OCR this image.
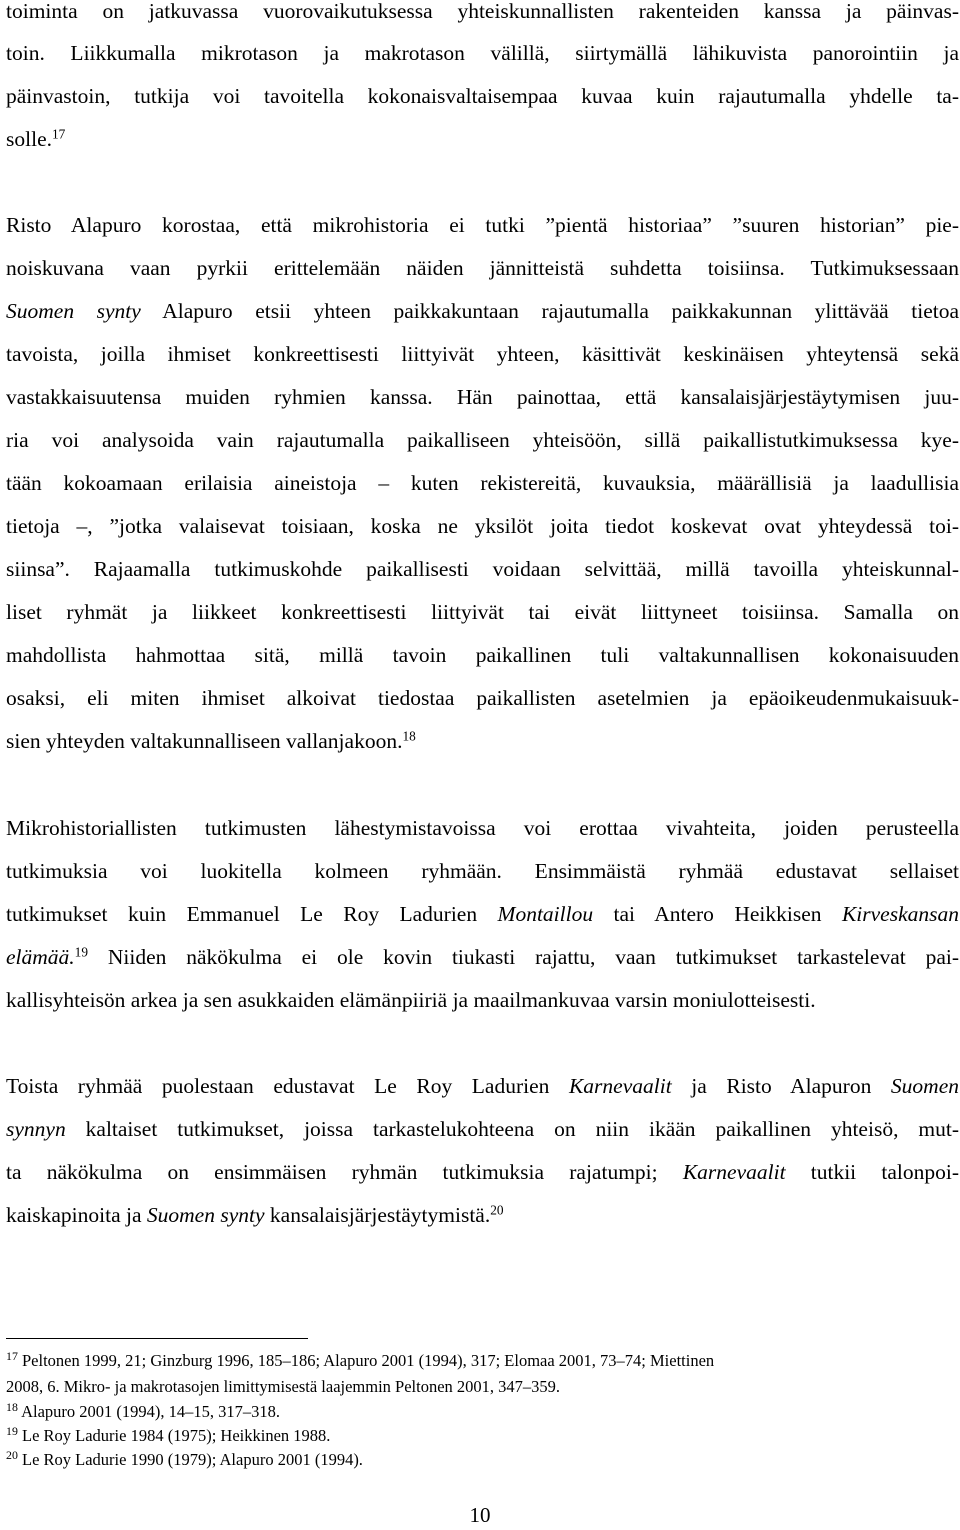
toiminta on jatkuvassa vuorovaikutuksessa yhteiskunnallisten rakenteiden kanssa ja päinvas-

toin. Liikkumalla mikrotason ja makrotason välillä, siirtymällä lähikuvista panorointiin ja

päinvastoin, tutkija voi tavoitella kokonaisvaltaisempaa kuvaa kuin rajautumalla yhdelle ta-

solle.$^{17}$

Risto Alapuro korostaa, että mikrohistoria ei tutki ”pientä historiaa” ”suuren historian” pie-

noiskuvana vaan pyrkii erittelemään näiden jännitteistä suhdetta toisiinsa. Tutkimuksessaan

Suomen synty Alapuro etsii yhteen paikkakuntaan rajautumalla paikkakunnan ylittävää tietoa

tavoista, joilla ihmiset konkreettisesti liittyivät yhteen, käsittivät keskinäisen yhteytensä sekä

vastakkaisuutensa muiden ryhmien kanssa. Hän painottaa, että kansalaisjärjestäytymisen juu-

ria voi analysoida vain rajautumalla paikalliseen yhteisöön, sillä paikallistutkimuksessa kye-

tään kokoamaan erilaisia aineistoja – kuten rekistereitä, kuvauksia, määrällisiä ja laadullisia

tietoja –, ”jotka valaisevat toisiaan, koska ne yksilöt joita tiedot koskevat ovat yhteydessä toi-

siinsa”. Rajaamalla tutkimuskohde paikallisesti voidaan selvittää, millä tavoilla yhteiskunnal-

liset ryhmät ja liikkeet konkreettisesti liittyivät tai eivät liittyneet toisiinsa. Samalla on

mahdollista hahmottaa sitä, millä tavoin paikallinen tuli valtakunnallisen kokonaisuuden

osaksi, eli miten ihmiset alkoivat tiedostaa paikallisten asetelmien ja epäoikeudenmukaisuuk-

sien yhteyden valtakunnalliseen vallanjakoon.$^{18}$

Mikrohistoriallisten tutkimusten lähestymistavoissa voi erottaa vivahteita, joiden perusteella

tutkimuksia voi luokitella kolmeen ryhmään. Ensimmäistä ryhmää edustavat sellaiset

tutkimukset kuin Emmanuel Le Roy Ladurien Montaillou tai Antero Heikkisen Kirveskansan

elämää.$^{19}$ Niiden näkökulma ei ole kovin tiukasti rajattu, vaan tutkimukset tarkastelevat pai-

kallisyhteisön arkea ja sen asukkaiden elämänpiiriä ja maailmankuvaa varsin moniulotteisesti.

Toista ryhmää puolestaan edustavat Le Roy Ladurien Karnevaalit ja Risto Alapuron Suomen

synnyn kaltaiset tutkimukset, joissa tarkastelukohteena on niin ikään paikallinen yhteisö, mut-

ta näkökulma on ensimmäisen ryhmän tutkimuksia rajatumpi; Karnevaalit tutkii talonpoi-

kaiskapinoita ja Suomen synty kansalaisjärjestäytymistä.$^{20}$

$^{17}$ Peltonen 1999, 21; Ginzburg 1996, 185–186; Alapuro 2001 (1994), 317; Elomaa 2001, 73–74; Miettinen

2008, 6. Mikro- ja makrotasojen limittymisestä laajemmin Peltonen 2001, 347–359.

$^{18}$ Alapuro 2001 (1994), 14–15, 317–318.

$^{19}$ Le Roy Ladurie 1984 (1975); Heikkinen 1988.

$^{20}$ Le Roy Ladurie 1990 (1979); Alapuro 2001 (1994).

10
